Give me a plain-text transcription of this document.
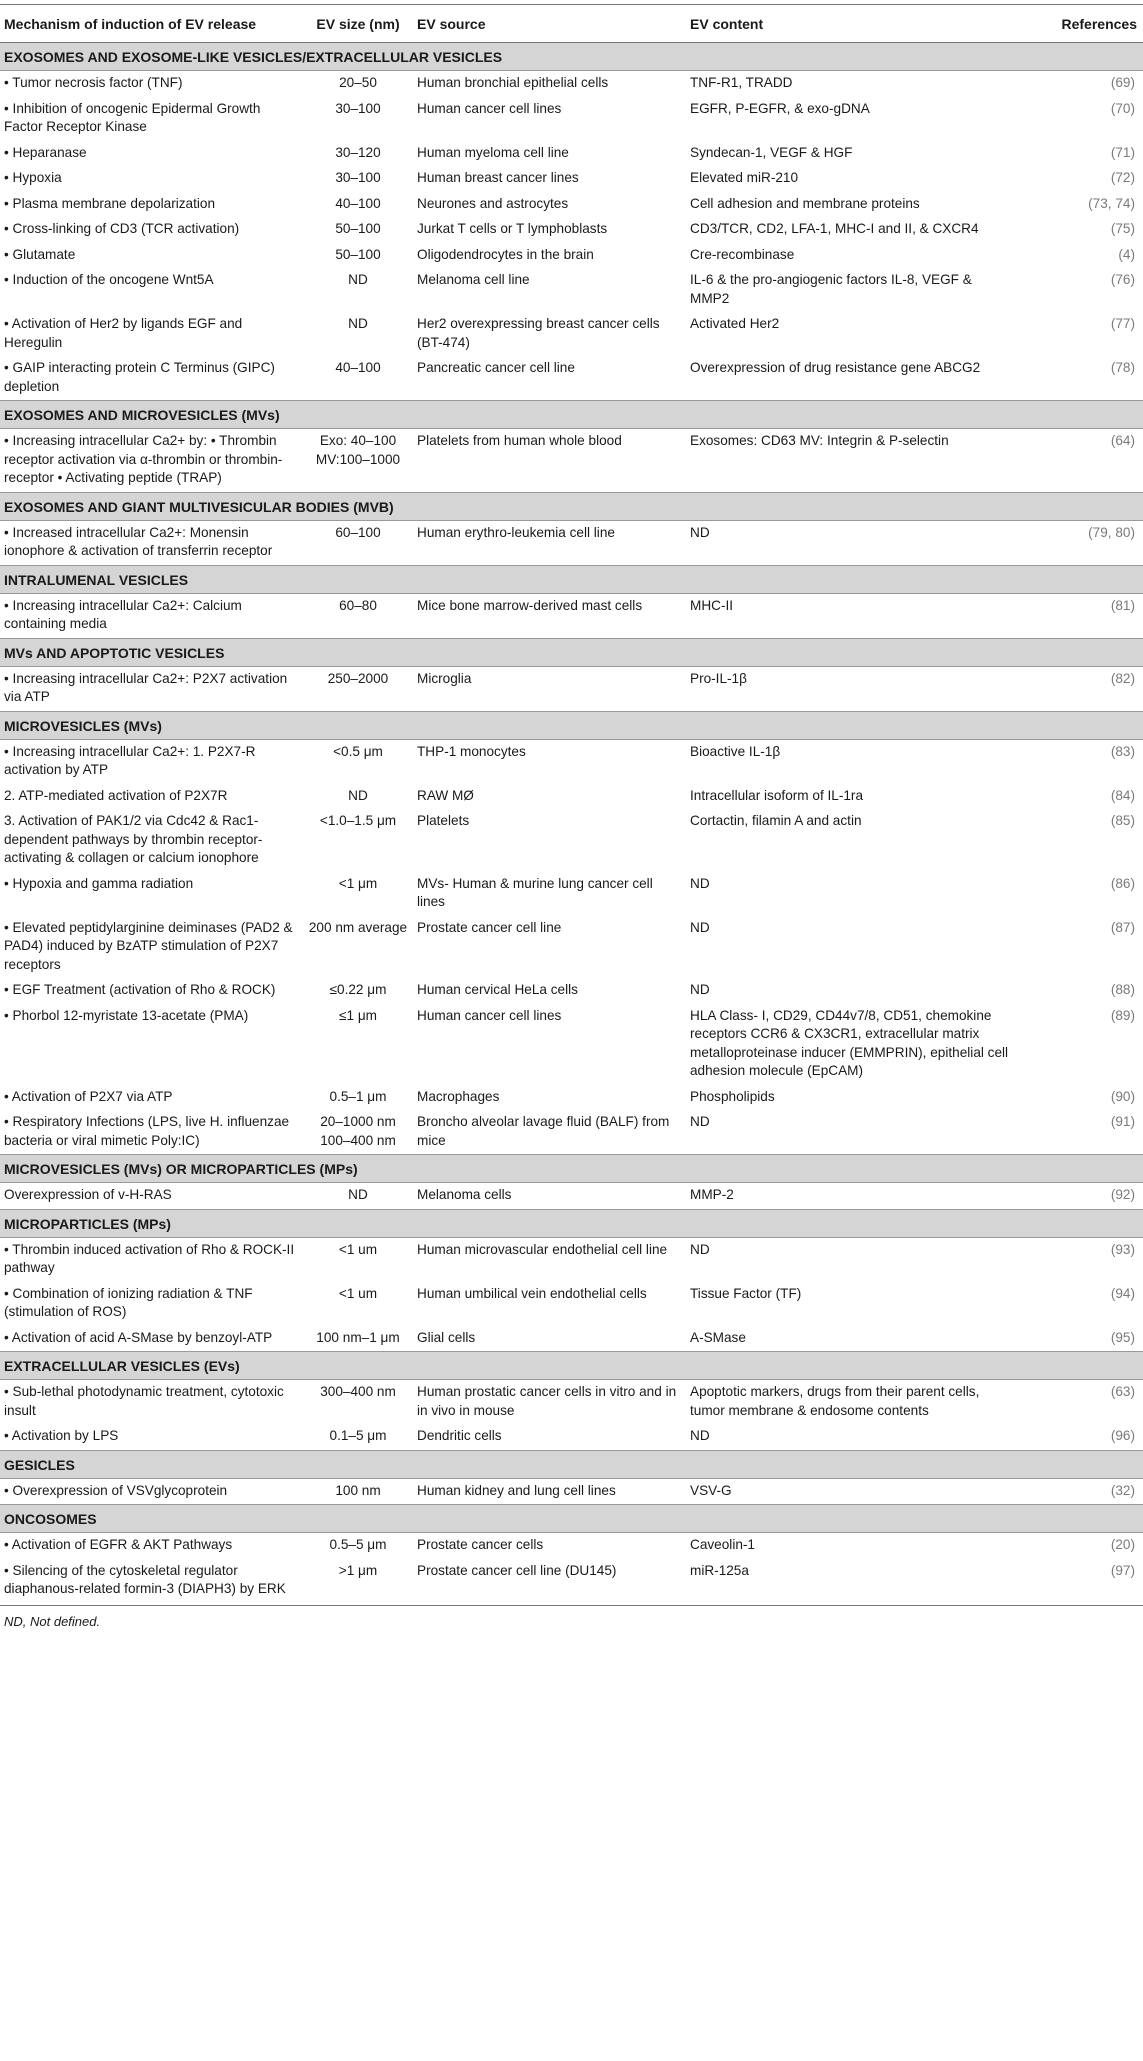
Mechanism of induction of EV release	EV size (nm)	EV source	EV content	References
EXOSOMES AND EXOSOME-LIKE VESICLES/EXTRACELLULAR VESICLES				
• Tumor necrosis factor (TNF)	20–50	Human bronchial epithelial cells	TNF-R1, TRADD	(69)
• Inhibition of oncogenic Epidermal Growth Factor Receptor Kinase	30–100	Human cancer cell lines	EGFR, P-EGFR, & exo-gDNA	(70)
• Heparanase	30–120	Human myeloma cell line	Syndecan-1, VEGF & HGF	(71)
• Hypoxia	30–100	Human breast cancer lines	Elevated miR-210	(72)
• Plasma membrane depolarization	40–100	Neurones and astrocytes	Cell adhesion and membrane proteins	(73, 74)
• Cross-linking of CD3 (TCR activation)	50–100	Jurkat T cells or T lymphoblasts	CD3/TCR, CD2, LFA-1, MHC-I and II, & CXCR4	(75)
• Glutamate	50–100	Oligodendrocytes in the brain	Cre-recombinase	(4)
• Induction of the oncogene Wnt5A	ND	Melanoma cell line	IL-6 & the pro-angiogenic factors IL-8, VEGF & MMP2	(76)
• Activation of Her2 by ligands EGF and Heregulin	ND	Her2 overexpressing breast cancer cells (BT-474)	Activated Her2	(77)
• GAIP interacting protein C Terminus (GIPC) depletion	40–100	Pancreatic cancer cell line	Overexpression of drug resistance gene ABCG2	(78)
EXOSOMES AND MICROVESICLES (MVs)				
• Increasing intracellular Ca2+ by: • Thrombin receptor activation via α-thrombin or thrombin-receptor • Activating peptide (TRAP)	Exo: 40–100 MV:100–1000	Platelets from human whole blood	Exosomes: CD63 MV: Integrin & P-selectin	(64)
EXOSOMES AND GIANT MULTIVESICULAR BODIES (MVB)				
• Increased intracellular Ca2+: Monensin ionophore & activation of transferrin receptor	60–100	Human erythro-leukemia cell line	ND	(79, 80)
INTRALUMENAL VESICLES				
• Increasing intracellular Ca2+: Calcium containing media	60–80	Mice bone marrow-derived mast cells	MHC-II	(81)
MVs AND APOPTOTIC VESICLES				
• Increasing intracellular Ca2+: P2X7 activation via ATP	250–2000	Microglia	Pro-IL-1β	(82)
MICROVESICLES (MVs)				
• Increasing intracellular Ca2+: 1. P2X7-R activation by ATP	<0.5 μm	THP-1 monocytes	Bioactive IL-1β	(83)
2. ATP-mediated activation of P2X7R	ND	RAW MØ	Intracellular isoform of IL-1ra	(84)
3. Activation of PAK1/2 via Cdc42 & Rac1-dependent pathways by thrombin receptor-activating & collagen or calcium ionophore	<1.0–1.5 μm	Platelets	Cortactin, filamin A and actin	(85)
• Hypoxia and gamma radiation	<1 μm	MVs- Human & murine lung cancer cell lines	ND	(86)
• Elevated peptidylarginine deiminases (PAD2 & PAD4) induced by BzATP stimulation of P2X7 receptors	200 nm average	Prostate cancer cell line	ND	(87)
• EGF Treatment (activation of Rho & ROCK)	≤0.22 μm	Human cervical HeLa cells	ND	(88)
• Phorbol 12-myristate 13-acetate (PMA)	≤1 μm	Human cancer cell lines	HLA Class- I, CD29, CD44v7/8, CD51, chemokine receptors CCR6 & CX3CR1, extracellular matrix metalloproteinase inducer (EMMPRIN), epithelial cell adhesion molecule (EpCAM)	(89)
• Activation of P2X7 via ATP	0.5–1 μm	Macrophages	Phospholipids	(90)
• Respiratory Infections (LPS, live H. influenzae bacteria or viral mimetic Poly:IC)	20–1000 nm 100–400 nm	Broncho alveolar lavage fluid (BALF) from mice	ND	(91)
MICROVESICLES (MVs) OR MICROPARTICLES (MPs)				
Overexpression of v-H-RAS	ND	Melanoma cells	MMP-2	(92)
MICROPARTICLES (MPs)				
• Thrombin induced activation of Rho & ROCK-II pathway	<1 um	Human microvascular endothelial cell line	ND	(93)
• Combination of ionizing radiation & TNF (stimulation of ROS)	<1 um	Human umbilical vein endothelial cells	Tissue Factor (TF)	(94)
• Activation of acid A-SMase by benzoyl-ATP	100 nm–1 μm	Glial cells	A-SMase	(95)
EXTRACELLULAR VESICLES (EVs)				
• Sub-lethal photodynamic treatment, cytotoxic insult	300–400 nm	Human prostatic cancer cells in vitro and in in vivo in mouse	Apoptotic markers, drugs from their parent cells, tumor membrane & endosome contents	(63)
• Activation by LPS	0.1–5 μm	Dendritic cells	ND	(96)
GESICLES				
• Overexpression of VSVglycoprotein	100 nm	Human kidney and lung cell lines	VSV-G	(32)
ONCOSOMES				
• Activation of EGFR & AKT Pathways	0.5–5 μm	Prostate cancer cells	Caveolin-1	(20)
• Silencing of the cytoskeletal regulator diaphanous-related formin-3 (DIAPH3) by ERK	>1 μm	Prostate cancer cell line (DU145)	miR-125a	(97)
ND, Not defined.
